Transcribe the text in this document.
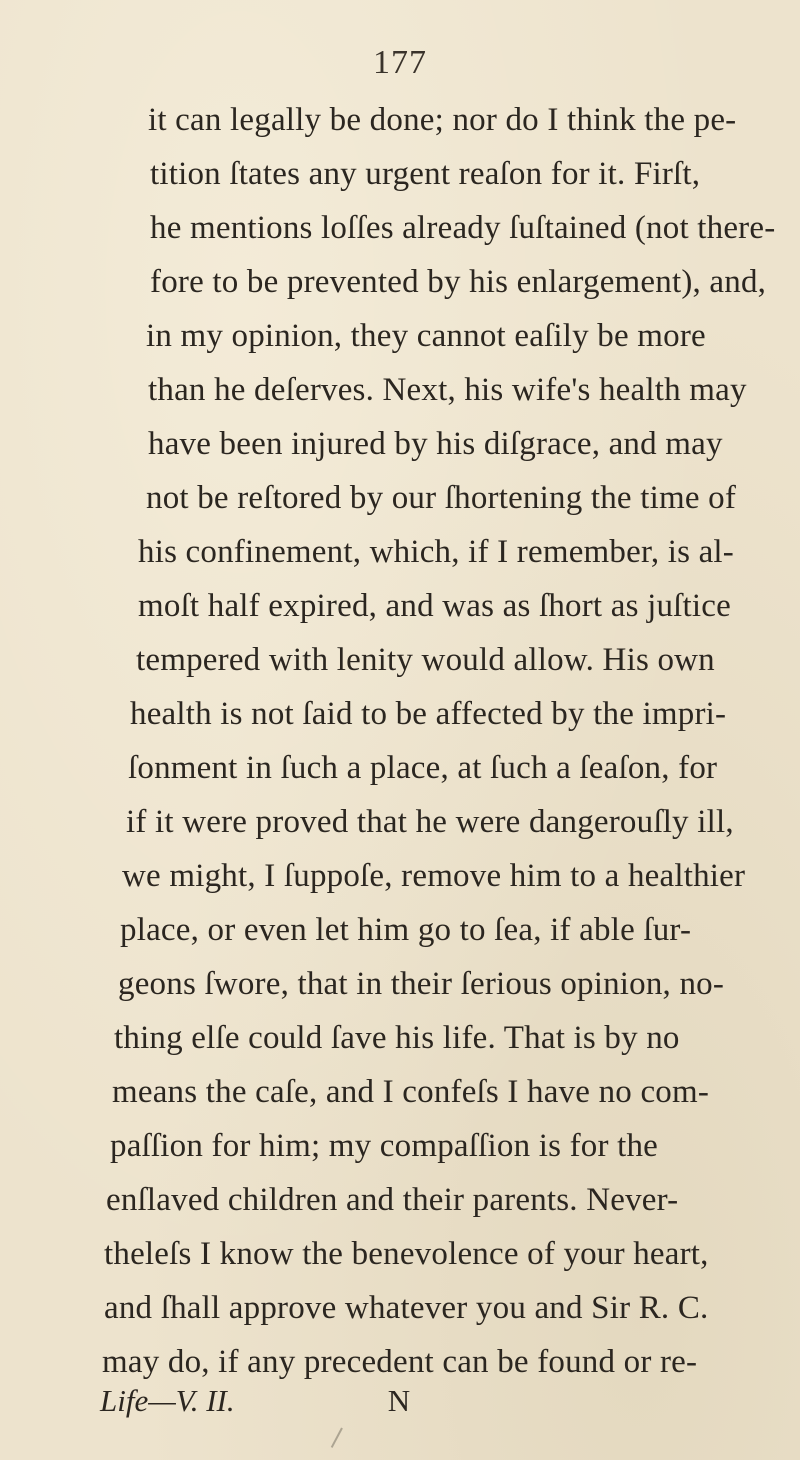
177
it can legally be done; nor do I think the pe-
tition ſtates any urgent reaſon for it. Firſt,
he mentions loſſes already ſuſtained (not there-
fore to be prevented by his enlargement), and,
in my opinion, they cannot eaſily be more
than he deſerves. Next, his wife's health may
have been injured by his diſgrace, and may
not be reſtored by our ſhortening the time of
his confinement, which, if I remember, is al-
moſt half expired, and was as ſhort as juſtice
tempered with lenity would allow. His own
health is not ſaid to be affected by the impri-
ſonment in ſuch a place, at ſuch a ſeaſon, for
if it were proved that he were dangerouſly ill,
we might, I ſuppoſe, remove him to a healthier
place, or even let him go to ſea, if able ſur-
geons ſwore, that in their ſerious opinion, no-
thing elſe could ſave his life. That is by no
means the caſe, and I confeſs I have no com-
paſſion for him; my compaſſion is for the
enſlaved children and their parents. Never-
theleſs I know the benevolence of your heart,
and ſhall approve whatever you and Sir R. C.
may do, if any precedent can be found or re-
Life—V. II.	N
